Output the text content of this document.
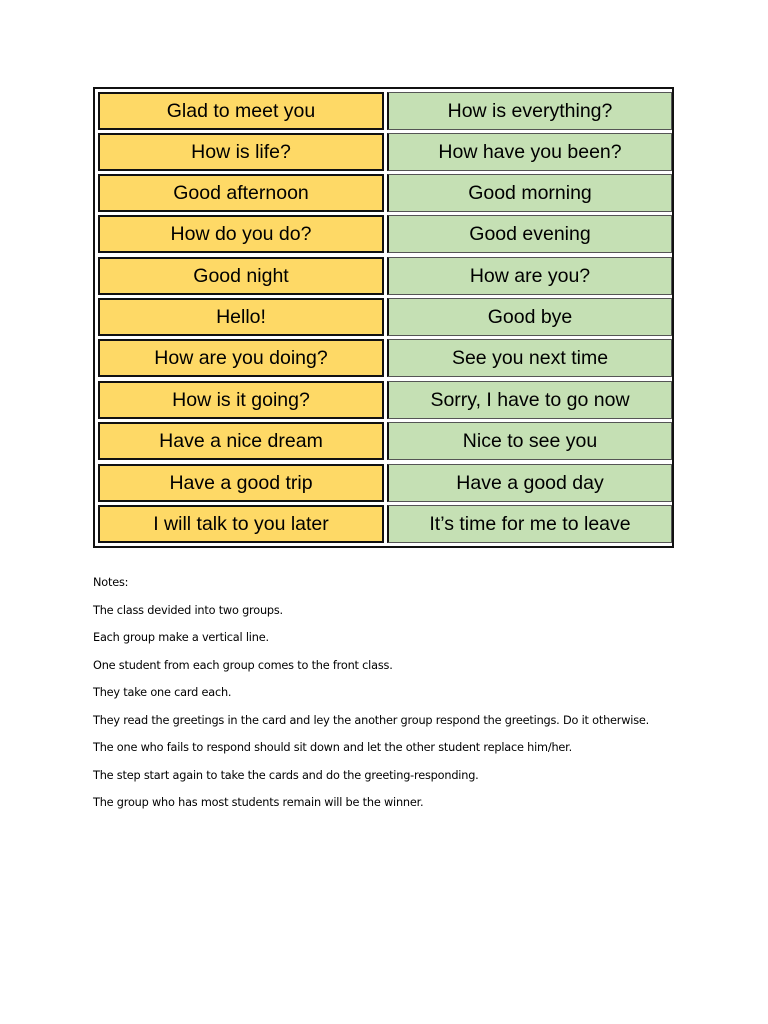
Glad to meet you	How is everything?
How is life?	How have you been?
Good afternoon	Good morning
How do you do?	Good evening
Good night	How are you?
Hello!	Good bye
How are you doing?	See you next time
How is it going?	Sorry, I have to go now
Have a nice dream	Nice to see you
Have a good trip	Have a good day
I will talk to you later	It’s time for me to leave

Notes:

The class devided into two groups.

Each group make a vertical line.

One student from each group comes to the front class.

They take one card each.

They read the greetings in the card and ley the another group respond the greetings. Do it otherwise.

The one who fails to respond should sit down and let the other student replace him/her.

The step start again to take the cards and do the greeting-responding.

The group who has most students remain will be the winner.
